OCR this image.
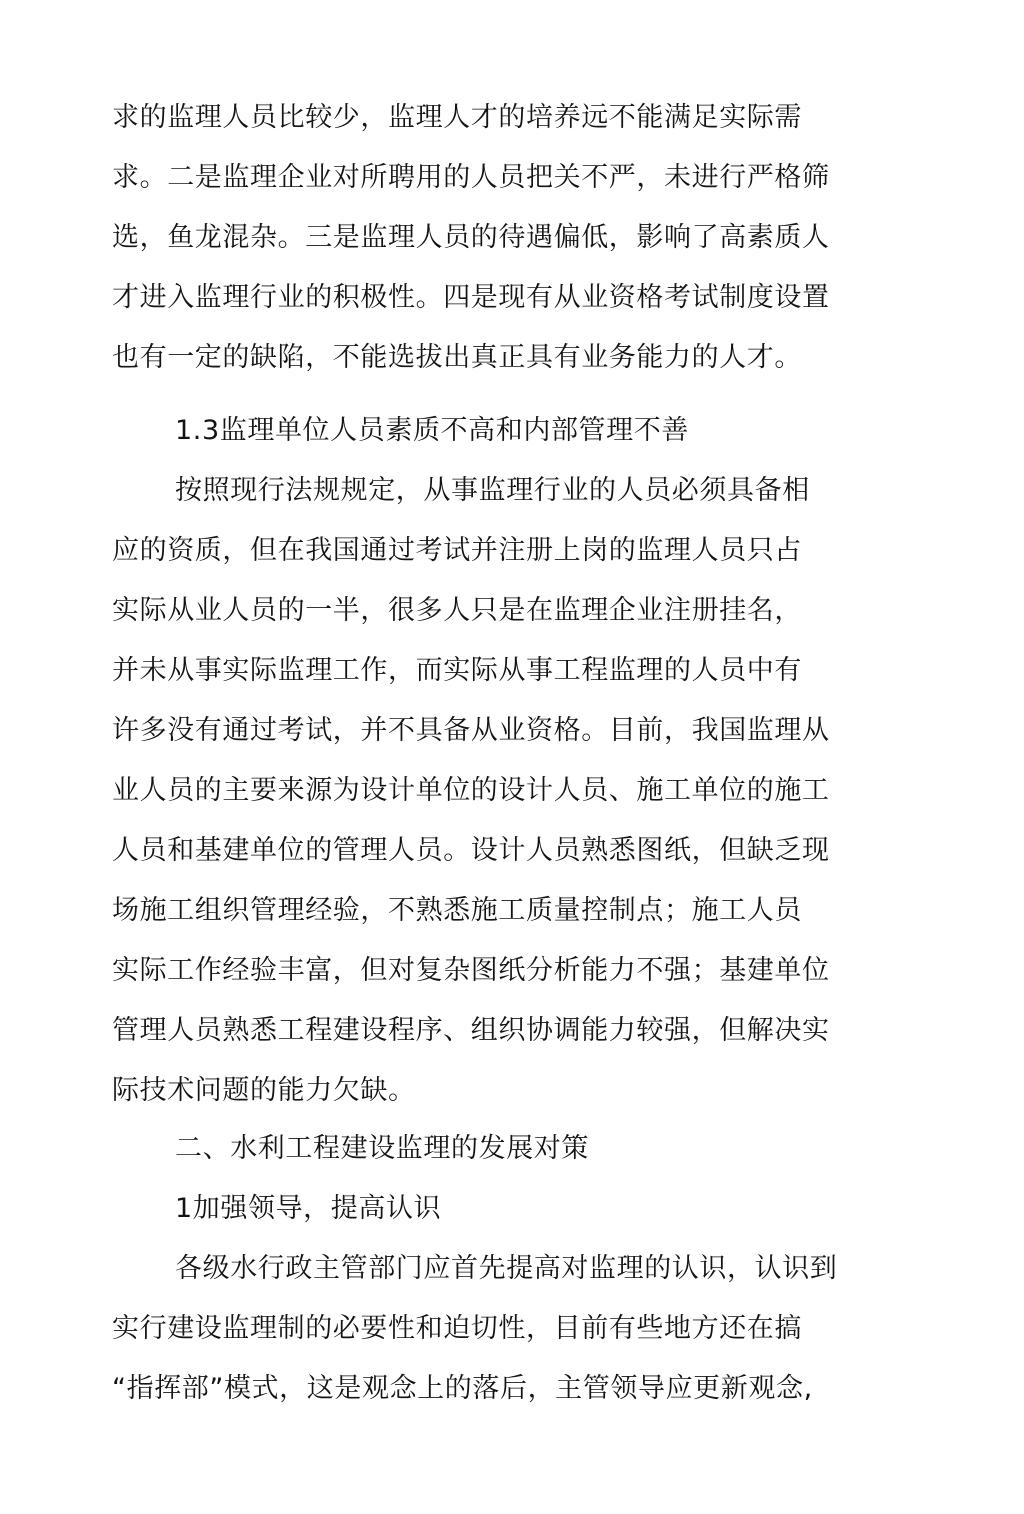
求的监理人员比较少，监理人才的培养远不能满足实际需
求。二是监理企业对所聘用的人员把关不严，未进行严格筛
选，鱼龙混杂。三是监理人员的待遇偏低，影响了高素质人
才进入监理行业的积极性。四是现有从业资格考试制度设置
也有一定的缺陷，不能选拔出真正具有业务能力的人才。
1.3监理单位人员素质不高和内部管理不善
按照现行法规规定，从事监理行业的人员必须具备相
应的资质，但在我国通过考试并注册上岗的监理人员只占
实际从业人员的一半，很多人只是在监理企业注册挂名，
并未从事实际监理工作，而实际从事工程监理的人员中有
许多没有通过考试，并不具备从业资格。目前，我国监理从
业人员的主要来源为设计单位的设计人员、施工单位的施工
人员和基建单位的管理人员。设计人员熟悉图纸，但缺乏现
场施工组织管理经验，不熟悉施工质量控制点；施工人员
实际工作经验丰富，但对复杂图纸分析能力不强；基建单位
管理人员熟悉工程建设程序、组织协调能力较强，但解决实
际技术问题的能力欠缺。
二、水利工程建设监理的发展对策
1加强领导，提高认识
各级水行政主管部门应首先提高对监理的认识，认识到
实行建设监理制的必要性和迫切性，目前有些地方还在搞
“指挥部”模式，这是观念上的落后，主管领导应更新观念,
